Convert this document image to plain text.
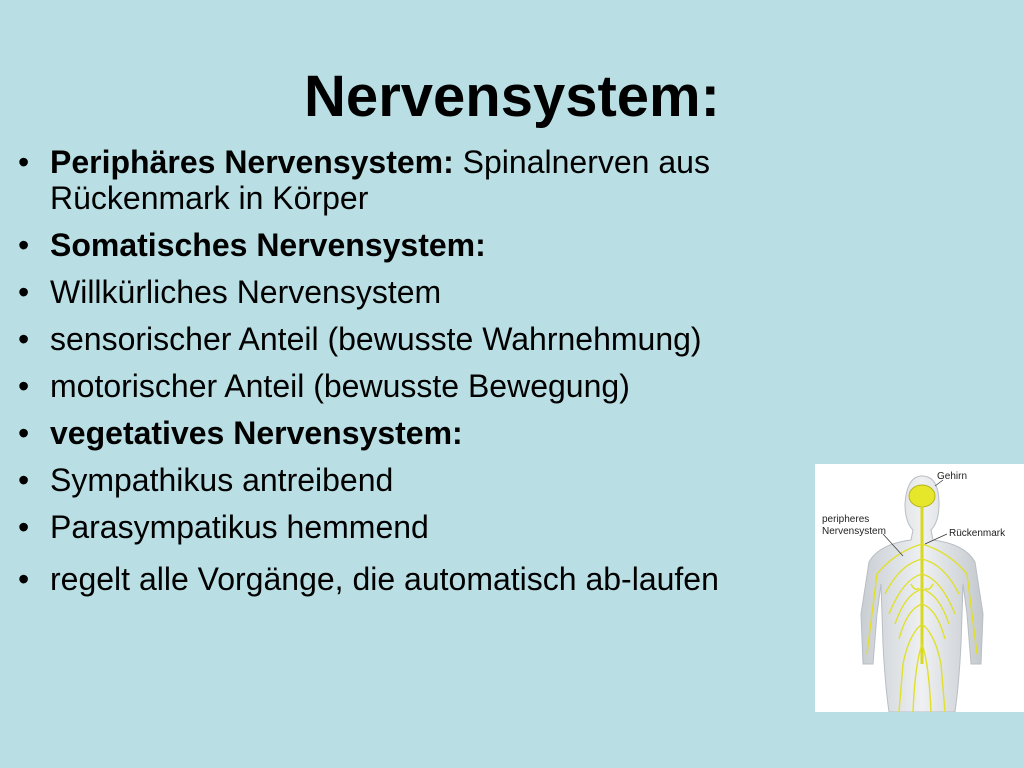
Nervensystem:
• Periphäres Nervensystem: Spinalnerven aus Rückenmark in Körper
• Somatisches Nervensystem:
• Willkürliches Nervensystem
• sensorischer Anteil (bewusste Wahrnehmung)
• motorischer Anteil (bewusste Bewegung)
• vegetatives Nervensystem:
• Sympathikus antreibend
• Parasympatikus hemmend
• regelt alle Vorgänge, die automatisch ab-laufen
Gehirn
peripheres
Nervensystem	Rückenmark
